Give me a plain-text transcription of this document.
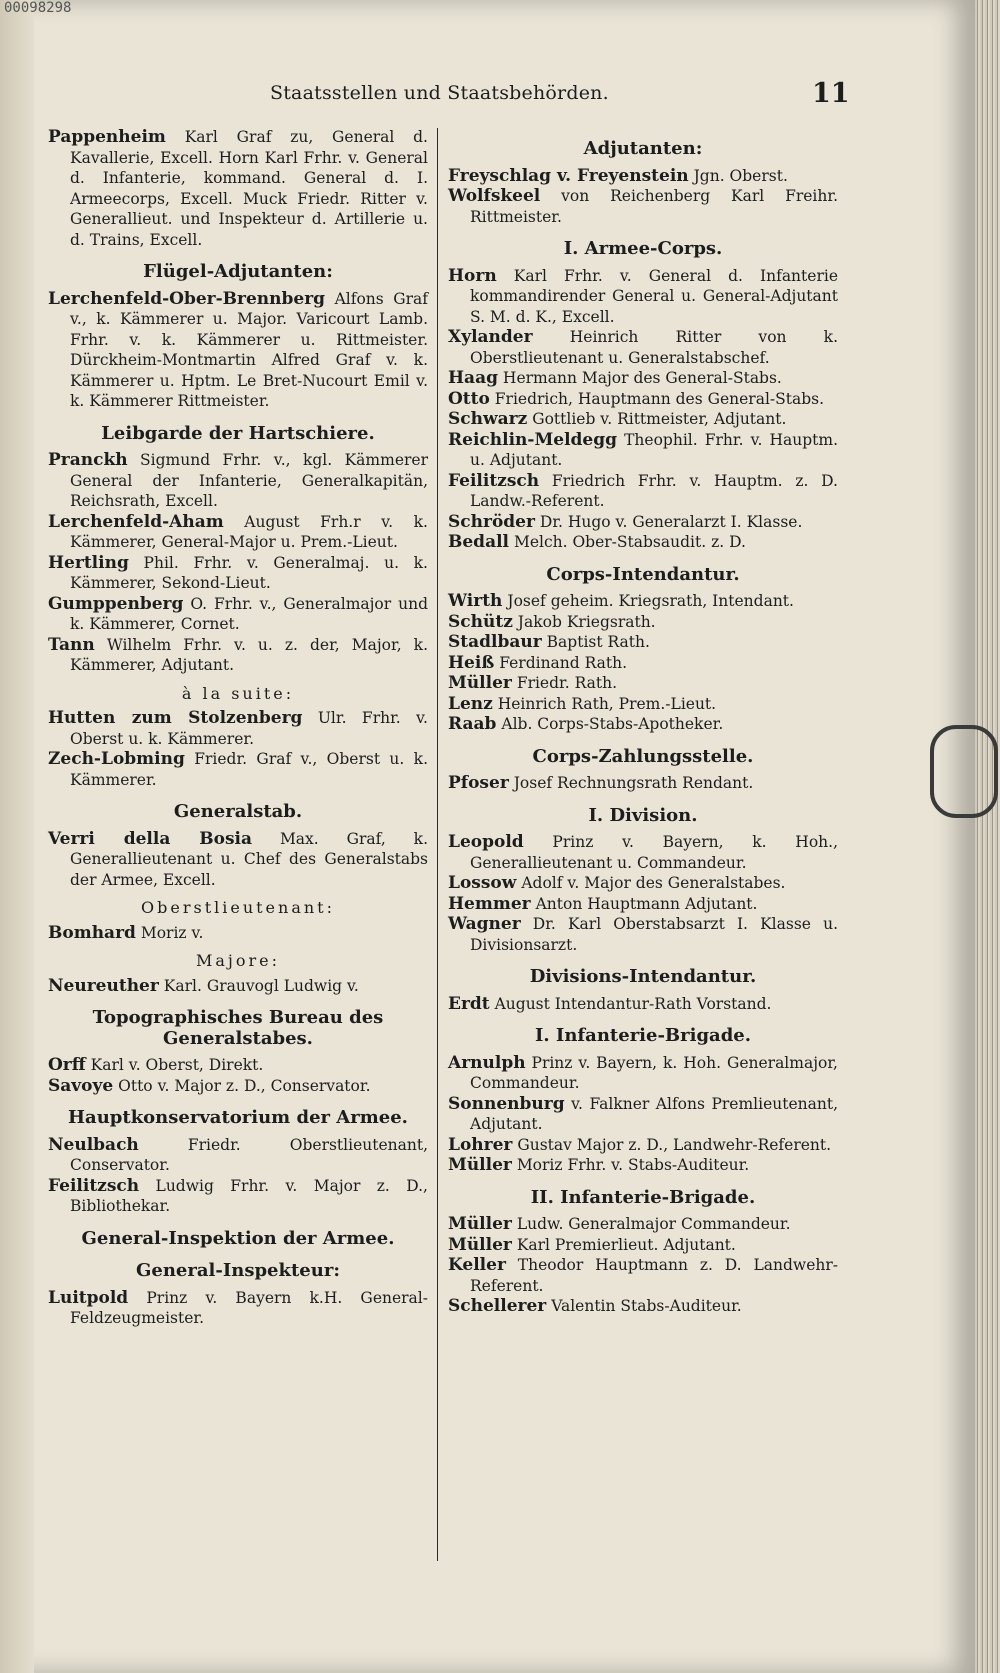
00098298
Staatsstellen und Staatsbehörden.	11

Pappenheim Karl Graf zu, General d. Kavallerie, Excell. Horn Karl Frhr. v. General d. Infanterie, kommand. General d. I. Armeecorps, Excell. Muck Friedr. Ritter v. Generallieut. und Inspekteur d. Artillerie u. d. Trains, Excell.

Flügel-Adjutanten:

Lerchenfeld-Ober-Brennberg Alfons Graf v., k. Kämmerer u. Major. Varicourt Lamb. Frhr. v. k. Kämmerer u. Rittmeister. Dürckheim-Montmartin Alfred Graf v. k. Kämmerer u. Hptm. Le Bret-Nucourt Emil v. k. Kämmerer Rittmeister.

Leibgarde der Hartschiere.

Pranckh Sigmund Frhr. v., kgl. Kämmerer General der Infanterie, Generalkapitän, Reichsrath, Excell.

Lerchenfeld-Aham August Frh.r v. k. Kämmerer, General-Major u. Prem.-Lieut.

Hertling Phil. Frhr. v. Generalmaj. u. k. Kämmerer, Sekond-Lieut.

Gumppenberg O. Frhr. v., Generalmajor und k. Kämmerer, Cornet.

Tann Wilhelm Frhr. v. u. z. der, Major, k. Kämmerer, Adjutant.

à la suite:

Hutten zum Stolzenberg Ulr. Frhr. v. Oberst u. k. Kämmerer.

Zech-Lobming Friedr. Graf v., Oberst u. k. Kämmerer.

Generalstab.

Verri della Bosia Max. Graf, k. Generallieutenant u. Chef des Generalstabs der Armee, Excell.

Oberstlieutenant:

Bomhard Moriz v.

Majore:

Neureuther Karl. Grauvogl Ludwig v.

Topographisches Bureau des Generalstabes.

Orff Karl v. Oberst, Direkt.

Savoye Otto v. Major z. D., Conservator.

Hauptkonservatorium der Armee.

Neulbach	Friedr. Oberstlieutenant, Conservator.

Feilitzsch Ludwig Frhr. v. Major z. D., Bibliothekar.

General-Inspektion der Armee.
General-Inspekteur:

Luitpold Prinz v. Bayern k.H. General-Feldzeugmeister.

Adjutanten:

Freyschlag v. Freyenstein Jgn. Oberst.

Wolfskeel von Reichenberg Karl Freihr. Rittmeister.

I. Armee-Corps.

Horn Karl Frhr. v. General d. Infanterie kommandirender General u. General-Adjutant S. M. d. K., Excell.

Xylander Heinrich Ritter von k. Oberstlieutenant u. Generalstabschef.

Haag Hermann Major des General-Stabs.

Otto Friedrich, Hauptmann des General-Stabs.

Schwarz Gottlieb v. Rittmeister, Adjutant.

Reichlin-Meldegg Theophil. Frhr. v. Hauptm. u. Adjutant.

Feilitzsch Friedrich Frhr. v. Hauptm. z. D. Landw.-Referent.

Schröder Dr. Hugo v. Generalarzt I. Klasse.

Bedall Melch. Ober-Stabsaudit. z. D.

Corps-Intendantur.

Wirth Josef geheim. Kriegsrath, Intendant.

Schütz Jakob Kriegsrath.

Stadlbaur Baptist Rath.

Heiß Ferdinand Rath.

Müller Friedr. Rath.

Lenz Heinrich Rath, Prem.-Lieut.

Raab Alb. Corps-Stabs-Apotheker.

Corps-Zahlungsstelle.

Pfoser Josef Rechnungsrath Rendant.

I. Division.

Leopold Prinz v. Bayern, k. Hoh., Generallieutenant u. Commandeur.

Lossow Adolf v. Major des Generalstabes.

Hemmer Anton Hauptmann Adjutant.

Wagner Dr. Karl Oberstabsarzt I. Klasse u. Divisionsarzt.

Divisions-Intendantur.

Erdt August Intendantur-Rath Vorstand.

I. Infanterie-Brigade.

Arnulph Prinz v. Bayern, k. Hoh. Generalmajor, Commandeur.

Sonnenburg v. Falkner Alfons Premlieutenant, Adjutant.

Lohrer Gustav Major z. D., Landwehr-Referent.

Müller Moriz Frhr. v. Stabs-Auditeur.

II. Infanterie-Brigade.

Müller Ludw. Generalmajor Commandeur.

Müller Karl Premierlieut. Adjutant.

Keller Theodor Hauptmann z. D. Landwehr-Referent.

Schellerer Valentin Stabs-Auditeur.
